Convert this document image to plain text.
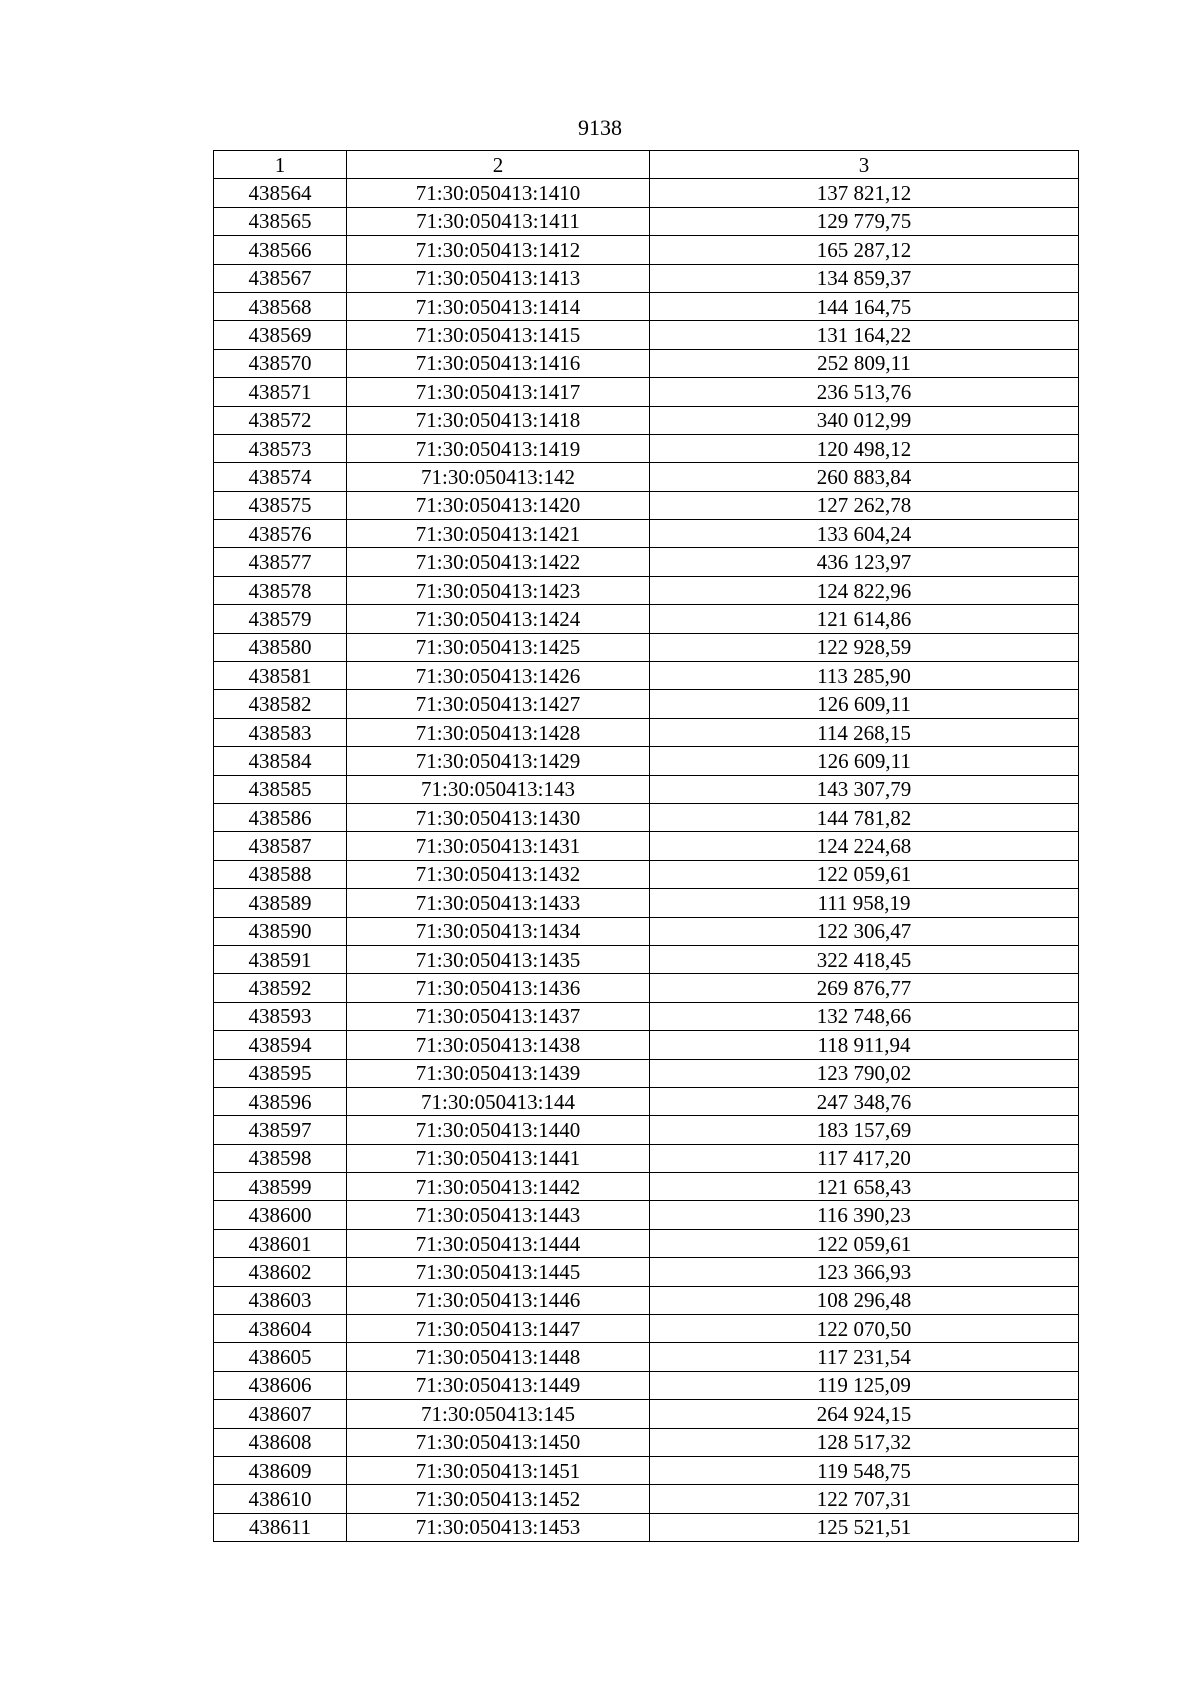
9138
1	2	3
438564	71:30:050413:1410	137 821,12
438565	71:30:050413:1411	129 779,75
438566	71:30:050413:1412	165 287,12
438567	71:30:050413:1413	134 859,37
438568	71:30:050413:1414	144 164,75
438569	71:30:050413:1415	131 164,22
438570	71:30:050413:1416	252 809,11
438571	71:30:050413:1417	236 513,76
438572	71:30:050413:1418	340 012,99
438573	71:30:050413:1419	120 498,12
438574	71:30:050413:142	260 883,84
438575	71:30:050413:1420	127 262,78
438576	71:30:050413:1421	133 604,24
438577	71:30:050413:1422	436 123,97
438578	71:30:050413:1423	124 822,96
438579	71:30:050413:1424	121 614,86
438580	71:30:050413:1425	122 928,59
438581	71:30:050413:1426	113 285,90
438582	71:30:050413:1427	126 609,11
438583	71:30:050413:1428	114 268,15
438584	71:30:050413:1429	126 609,11
438585	71:30:050413:143	143 307,79
438586	71:30:050413:1430	144 781,82
438587	71:30:050413:1431	124 224,68
438588	71:30:050413:1432	122 059,61
438589	71:30:050413:1433	111 958,19
438590	71:30:050413:1434	122 306,47
438591	71:30:050413:1435	322 418,45
438592	71:30:050413:1436	269 876,77
438593	71:30:050413:1437	132 748,66
438594	71:30:050413:1438	118 911,94
438595	71:30:050413:1439	123 790,02
438596	71:30:050413:144	247 348,76
438597	71:30:050413:1440	183 157,69
438598	71:30:050413:1441	117 417,20
438599	71:30:050413:1442	121 658,43
438600	71:30:050413:1443	116 390,23
438601	71:30:050413:1444	122 059,61
438602	71:30:050413:1445	123 366,93
438603	71:30:050413:1446	108 296,48
438604	71:30:050413:1447	122 070,50
438605	71:30:050413:1448	117 231,54
438606	71:30:050413:1449	119 125,09
438607	71:30:050413:145	264 924,15
438608	71:30:050413:1450	128 517,32
438609	71:30:050413:1451	119 548,75
438610	71:30:050413:1452	122 707,31
438611	71:30:050413:1453	125 521,51
